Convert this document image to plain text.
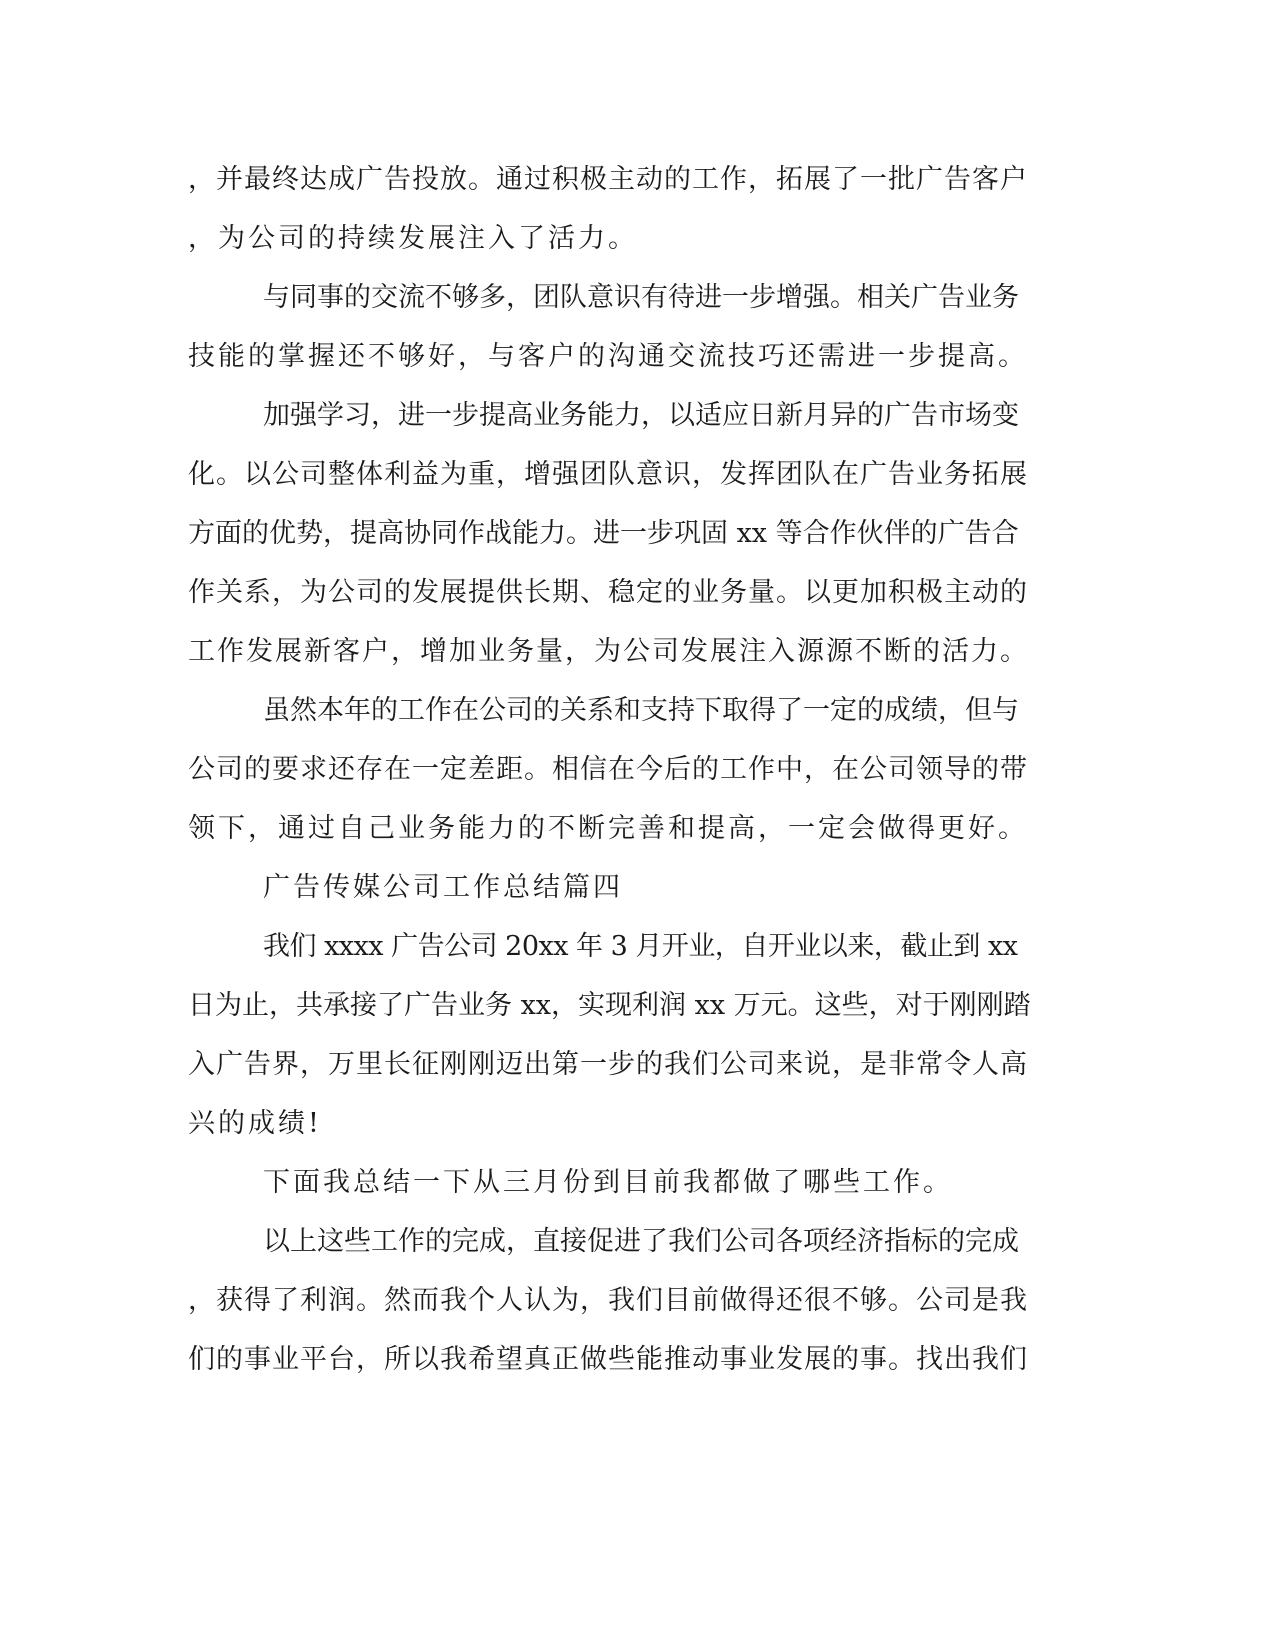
，并最终达成广告投放。通过积极主动的工作，拓展了一批广告客户
，为公司的持续发展注入了活力。
与同事的交流不够多，团队意识有待进一步增强。相关广告业务
技能的掌握还不够好，与客户的沟通交流技巧还需进一步提高。
加强学习，进一步提高业务能力，以适应日新月异的广告市场变
化。以公司整体利益为重，增强团队意识，发挥团队在广告业务拓展
方面的优势，提高协同作战能力。进一步巩固 xx 等合作伙伴的广告合
作关系，为公司的发展提供长期、稳定的业务量。以更加积极主动的
工作发展新客户，增加业务量，为公司发展注入源源不断的活力。
虽然本年的工作在公司的关系和支持下取得了一定的成绩，但与
公司的要求还存在一定差距。相信在今后的工作中，在公司领导的带
领下，通过自己业务能力的不断完善和提高，一定会做得更好。
广告传媒公司工作总结篇四
我们 xxxx 广告公司 20xx 年 3 月开业，自开业以来，截止到 xx
日为止，共承接了广告业务 xx，实现利润 xx 万元。这些，对于刚刚踏
入广告界，万里长征刚刚迈出第一步的我们公司来说，是非常令人高
兴的成绩!
下面我总结一下从三月份到目前我都做了哪些工作。
以上这些工作的完成，直接促进了我们公司各项经济指标的完成
，获得了利润。然而我个人认为，我们目前做得还很不够。公司是我
们的事业平台，所以我希望真正做些能推动事业发展的事。找出我们
